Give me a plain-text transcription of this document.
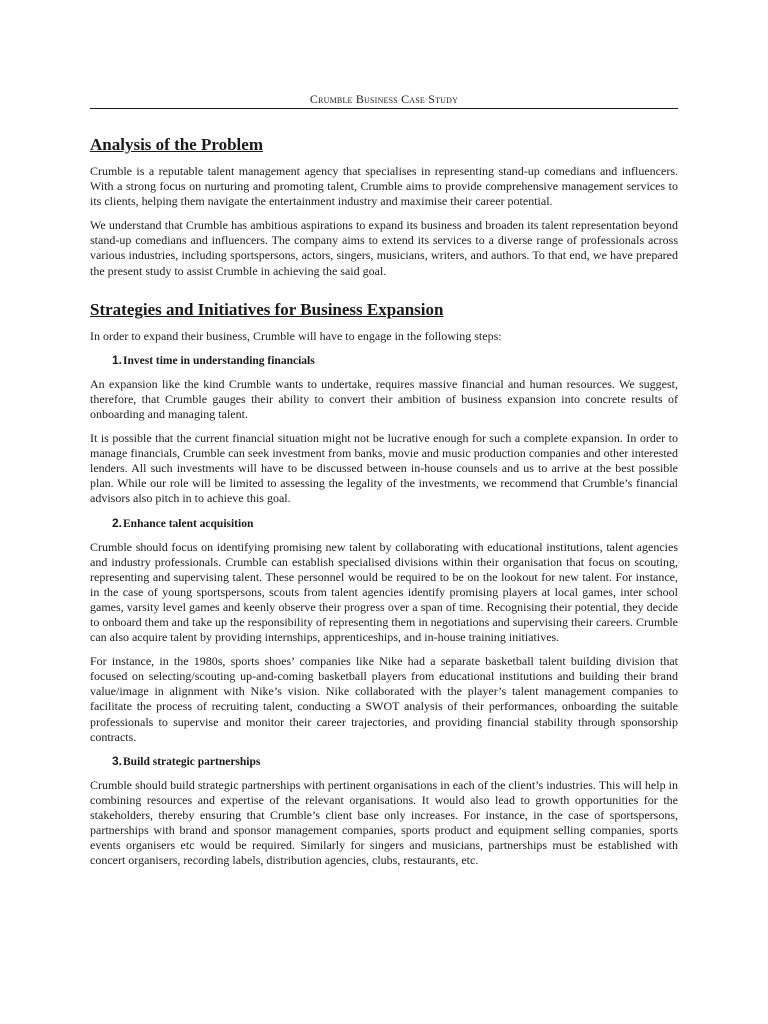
Crumble Business Case Study
Analysis of the Problem

Crumble is a reputable talent management agency that specialises in representing stand-up comedians and influencers. With a strong focus on nurturing and promoting talent, Crumble aims to provide comprehensive management services to its clients, helping them navigate the entertainment industry and maximise their career potential.

We understand that Crumble has ambitious aspirations to expand its business and broaden its talent representation beyond stand-up comedians and influencers. The company aims to extend its services to a diverse range of professionals across various industries, including sportspersons, actors, singers, musicians, writers, and authors. To that end, we have prepared the present study to assist Crumble in achieving the said goal.

Strategies and Initiatives for Business Expansion

In order to expand their business, Crumble will have to engage in the following steps:

1. Invest time in understanding financials

An expansion like the kind Crumble wants to undertake, requires massive financial and human resources. We suggest, therefore, that Crumble gauges their ability to convert their ambition of business expansion into concrete results of onboarding and managing talent.

It is possible that the current financial situation might not be lucrative enough for such a complete expansion. In order to manage financials, Crumble can seek investment from banks, movie and music production companies and other interested lenders. All such investments will have to be discussed between in-house counsels and us to arrive at the best possible plan. While our role will be limited to assessing the legality of the investments, we recommend that Crumble’s financial advisors also pitch in to achieve this goal.

2. Enhance talent acquisition

Crumble should focus on identifying promising new talent by collaborating with educational institutions, talent agencies and industry professionals. Crumble can establish specialised divisions within their organisation that focus on scouting, representing and supervising talent. These personnel would be required to be on the lookout for new talent. For instance, in the case of young sportspersons, scouts from talent agencies identify promising players at local games, inter school games, varsity level games and keenly observe their progress over a span of time. Recognising their potential, they decide to onboard them and take up the responsibility of representing them in negotiations and supervising their careers. Crumble can also acquire talent by providing internships, apprenticeships, and in-house training initiatives.

For instance, in the 1980s, sports shoes’ companies like Nike had a separate basketball talent building division that focused on selecting/scouting up-and-coming basketball players from educational institutions and building their brand value/image in alignment with Nike’s vision. Nike collaborated with the player’s talent management companies to facilitate the process of recruiting talent, conducting a SWOT analysis of their performances, onboarding the suitable professionals to supervise and monitor their career trajectories, and providing financial stability through sponsorship contracts.

3. Build strategic partnerships

Crumble should build strategic partnerships with pertinent organisations in each of the client’s industries. This will help in combining resources and expertise of the relevant organisations. It would also lead to growth opportunities for the stakeholders, thereby ensuring that Crumble’s client base only increases. For instance, in the case of sportspersons, partnerships with brand and sponsor management companies, sports product and equipment selling companies, sports events organisers etc would be required. Similarly for singers and musicians, partnerships must be established with concert organisers, recording labels, distribution agencies, clubs, restaurants, etc.
